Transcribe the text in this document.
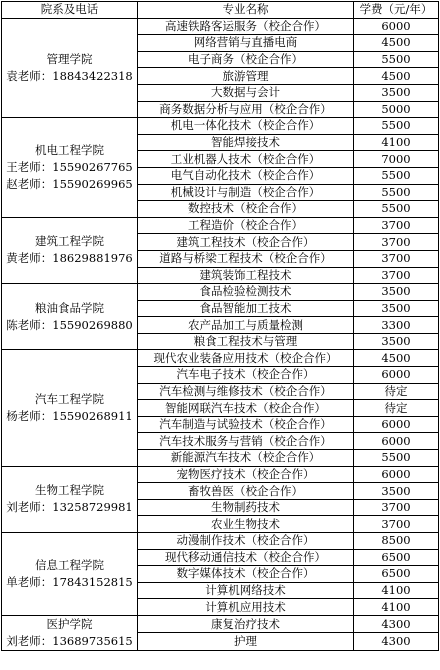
院系及电话	专业名称	学费（元/年）

管理学院
袁老师：18843422318	高速铁路客运服务（校企合作）	6000
	网络营销与直播电商	4500
	电子商务（校企合作）	5500
	旅游管理	4500
	大数据与会计	3500
	商务数据分析与应用（校企合作）	5000

机电工程学院
王老师：15590267765
赵老师：15590269965	机电一体化技术（校企合作）	5500
	智能焊接技术	4100
	工业机器人技术（校企合作）	7000
	电气自动化技术（校企合作）	5500
	机械设计与制造（校企合作）	5500
	数控技术（校企合作）	5500

建筑工程学院
黄老师：18629881976	工程造价（校企合作）	3700
	建筑工程技术（校企合作）	3700
	道路与桥梁工程技术（校企合作）	3700
	建筑装饰工程技术	3700

粮油食品学院
陈老师：15590269880	食品检验检测技术	3500
	食品智能加工技术	3500
	农产品加工与质量检测	3300
	粮食工程技术与管理	3500

汽车工程学院
杨老师：15590268911	现代农业装备应用技术（校企合作）	4500
	汽车电子技术（校企合作）	6000
	汽车检测与维修技术（校企合作）	待定
	智能网联汽车技术（校企合作）	待定
	汽车制造与试验技术（校企合作）	6000
	汽车技术服务与营销（校企合作）	6000
	新能源汽车技术（校企合作）	5500

生物工程学院
刘老师：13258729981	宠物医疗技术（校企合作）	6000
	畜牧兽医（校企合作）	3500
	生物制药技术	3700
	农业生物技术	3700

信息工程学院
单老师：17843152815	动漫制作技术（校企合作）	8500
	现代移动通信技术（校企合作）	6500
	数字媒体技术（校企合作）	6500
	计算机网络技术	4100
	计算机应用技术	4100

医护学院
刘老师：13689735615	康复治疗技术	4300
	护理	4300
